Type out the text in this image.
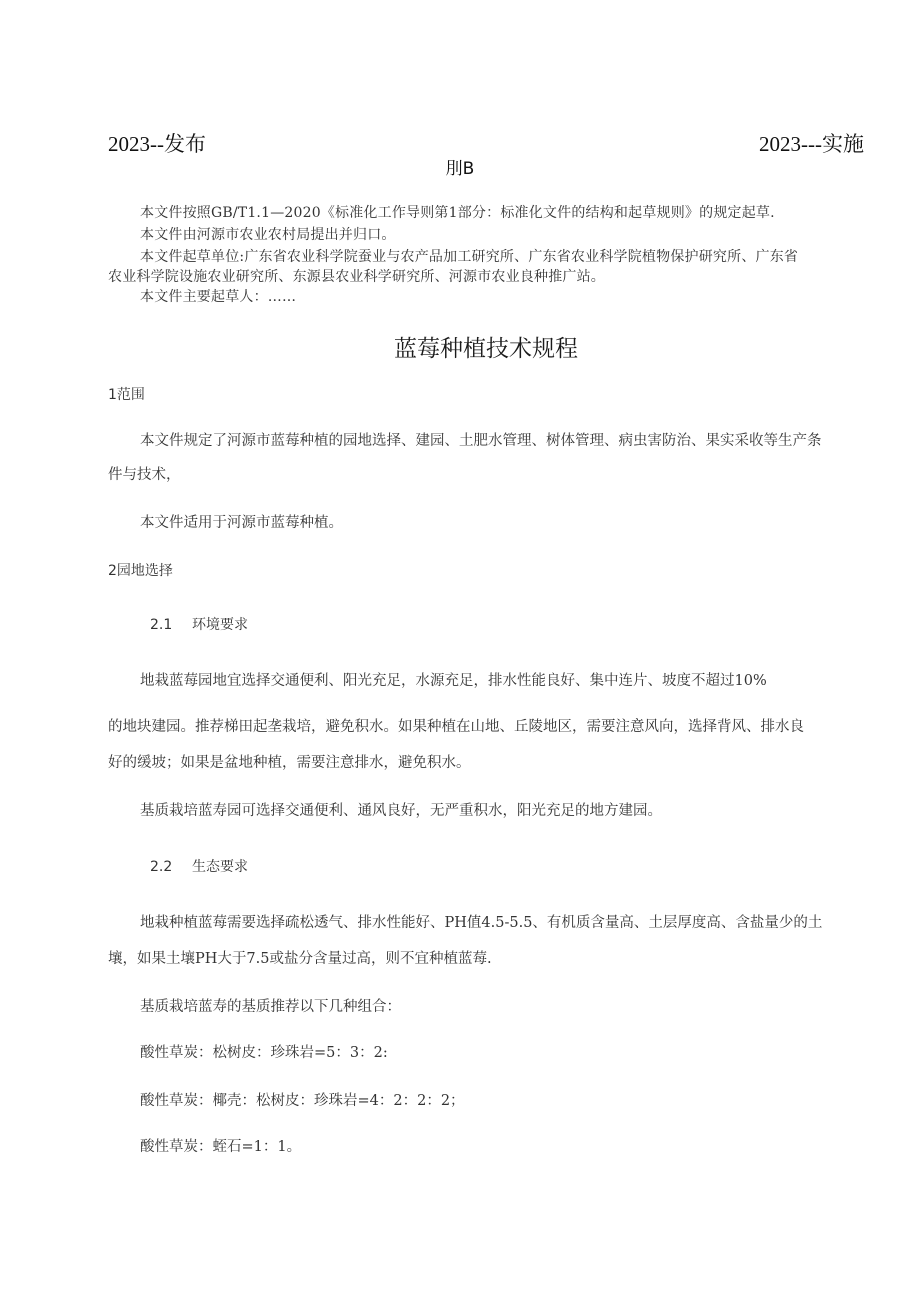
2023--发布	2023---实施
刖B
本文件按照GB/T1.1—2020《标准化工作导则第1部分：标准化文件的结构和起草规则》的规定起草.
本文件由河源市农业农村局提出并归口。
本文件起草单位:广东省农业科学院蚕业与农产品加工研究所、广东省农业科学院植物保护研究所、广东省
农业科学院设施农业研究所、东源县农业科学研究所、河源市农业良种推广站。
本文件主要起草人：……
蓝莓种植技术规程
1范围
本文件规定了河源市蓝莓种植的园地选择、建园、土肥水管理、树体管理、病虫害防治、果实采收等生产条
件与技术，
本文件适用于河源市蓝莓种植。
2园地选择
2.1 环境要求
地栽蓝莓园地宜选择交通便利、阳光充足，水源充足，排水性能良好、集中连片、坡度不超过10%
的地块建园。推荐梯田起垄栽培，避免积水。如果种植在山地、丘陵地区，需要注意风向，选择背风、排水良
好的缓坡；如果是盆地种植，需要注意排水，避免积水。
基质栽培蓝寿园可选择交通便利、通风良好，无严重积水，阳光充足的地方建园。
2.2 生态要求
地栽种植蓝莓需要选择疏松透气、排水性能好、PH值4.5-5.5、有机质含量高、土层厚度高、含盐量少的土
壤，如果土壤PH大于7.5或盐分含量过高，则不宜种植蓝莓.
基质栽培蓝寿的基质推荐以下几种组合：
酸性草炭：松树皮：珍珠岩=5：3：2:
酸性草炭：椰壳：松树皮：珍珠岩=4：2：2：2；
酸性草炭：蛭石=1：1。
